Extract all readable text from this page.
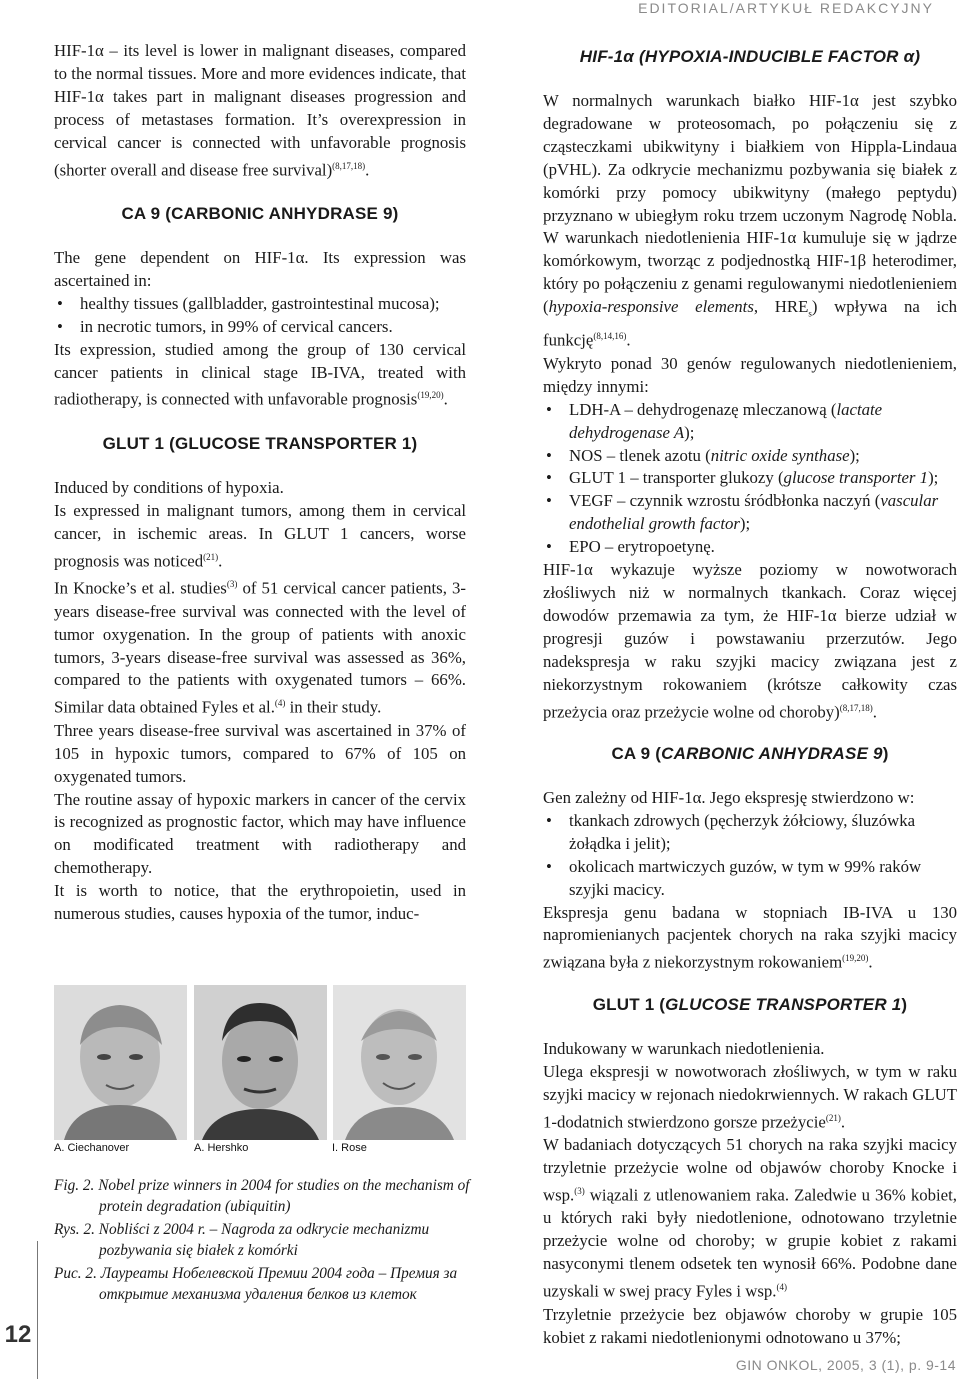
EDITORIAL/ARTYKUŁ REDAKCYJNY

HIF-1α – its level is lower in malignant diseases, compared to the normal tissues. More and more evidences indicate, that HIF-1α takes part in malignant diseases progression and process of metastases formation. It’s overexpression in cervical cancer is connected with unfavorable prognosis (shorter overall and disease free survival)$^{(8,17,18)}$.

CA 9 (CARBONIC ANHYDRASE 9)

The gene dependent on HIF-1α. Its expression was ascertained in:

• healthy tissues (gallbladder, gastrointestinal mucosa);
• in necrotic tumors, in 99% of cervical cancers.

Its expression, studied among the group of 130 cervical cancer patients in clinical stage IB-IVA, treated with radiotherapy, is connected with unfavorable prognosis$^{(19,20)}$.

GLUT 1 (GLUCOSE TRANSPORTER 1)

Induced by conditions of hypoxia.

Is expressed in malignant tumors, among them in cervical cancer, in ischemic areas. In GLUT 1 cancers, worse prognosis was noticed$^{(21)}$.

In Knocke’s et al. studies$^{(3)}$ of 51 cervical cancer patients, 3-years disease-free survival was connected with the level of tumor oxygenation. In the group of patients with anoxic tumors, 3-years disease-free survival was assessed as 36%, compared to the patients with oxygenated tumors – 66%. Similar data obtained Fyles et al.$^{(4)}$ in their study.

Three years disease-free survival was ascertained in 37% of 105 in hypoxic tumors, compared to 67% of 105 on oxygenated tumors.

The routine assay of hypoxic markers in cancer of the cervix is recognized as prognostic factor, which may have influence on modificated treatment with radiotherapy and chemotherapy.

It is worth to notice, that the erythropoietin, used in numerous studies, causes hypoxia of the tumor, induc-

A. Ciechanover	A. Hershko	I. Rose

Fig. 2. Nobel prize winners in 2004 for studies on the mechanism of protein degradation (ubiquitin)

Rys. 2. Nobliści z 2004 r. – Nagroda za odkrycie mechanizmu pozbywania się białek z komórki

Рис. 2. Лауреаты Нобелевской Премии 2004 года – Премия за открытие механизма удаления белков из клеток

HIF-1α (HYPOXIA-INDUCIBLE FACTOR α)

W normalnych warunkach białko HIF-1α jest szybko degradowane w proteosomach, po połączeniu się z cząsteczkami ubikwityny i białkiem von Hippla-Lindaua (pVHL). Za odkrycie mechanizmu pozbywania się białek z komórki przy pomocy ubikwityny (małego peptydu) przyznano w ubiegłym roku trzem uczonym Nagrodę Nobla. W warunkach niedotlenienia HIF-1α kumuluje się w jądrze komórkowym, tworząc z podjednostką HIF-1β heterodimer, który po połączeniu z genami regulowanymi niedotlenieniem (hypoxia-responsive elements, $HRE_s$) wpływa na ich funkcję$^{(8,14,16)}$.

Wykryto ponad 30 genów regulowanych niedotlenieniem, między innymi:

• LDH-A – dehydrogenazę mleczanową (lactate dehydrogenase A);
• NOS – tlenek azotu (nitric oxide synthase);
• GLUT 1 – transporter glukozy (glucose transporter 1);
• VEGF – czynnik wzrostu śródbłonka naczyń (vascular endothelial growth factor);
• EPO – erytropoetynę.

HIF-1α wykazuje wyższe poziomy w nowotworach złośliwych niż w normalnych tkankach. Coraz więcej dowodów przemawia za tym, że HIF-1α bierze udział w progresji guzów i powstawaniu przerzutów. Jego nadekspresja w raku szyjki macicy związana jest z niekorzystnym rokowaniem (krótsze całkowity czas przeżycia oraz przeżycie wolne od choroby)$^{(8,17,18)}$.

CA 9 (CARBONIC ANHYDRASE 9)

Gen zależny od HIF-1α. Jego ekspresję stwierdzono w:

• tkankach zdrowych (pęcherzyk żółciowy, śluzówka żołądka i jelit);
• okolicach martwiczych guzów, w tym w 99% raków szyjki macicy.

Ekspresja genu badana w stopniach IB-IVA u 130 napromienianych pacjentek chorych na raka szyjki macicy związana była z niekorzystnym rokowaniem$^{(19,20)}$.

GLUT 1 (GLUCOSE TRANSPORTER 1)

Indukowany w warunkach niedotlenienia.

Ulega ekspresji w nowotworach złośliwych, w tym w raku szyjki macicy w rejonach niedokrwiennych. W rakach GLUT 1-dodatnich stwierdzono gorsze przeżycie$^{(21)}$.

W badaniach dotyczących 51 chorych na raka szyjki macicy trzyletnie przeżycie wolne od objawów choroby Knocke i wsp.$^{(3)}$ wiązali z utlenowaniem raka. Zaledwie u 36% kobiet, u których raki były niedotlenione, odnotowano trzyletnie przeżycie wolne od choroby; w grupie kobiet z rakami nasyconymi tlenem odsetek ten wynosił 66%. Podobne dane uzyskali w swej pracy Fyles i wsp.$^{(4)}$

Trzyletnie przeżycie bez objawów choroby w grupie 105 kobiet z rakami niedotlenionymi odnotowano u 37%;

12
GIN ONKOL, 2005, 3 (1), p. 9-14
